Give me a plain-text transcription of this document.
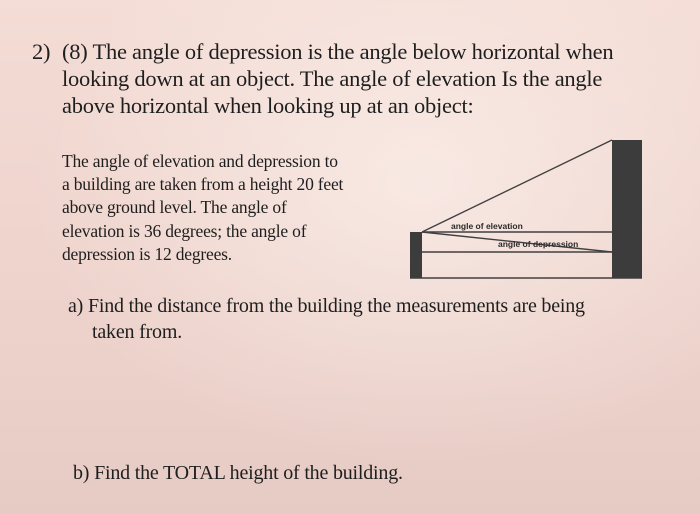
2) (8) The angle of depression is the angle below horizontal when
looking down at an object. The angle of elevation Is the angle
above horizontal when looking up at an object:
The angle of elevation and depression to
a building are taken from a height 20 feet
above ground level. The angle of
elevation is 36 degrees; the angle of
depression is 12 degrees.
angle of elevation
angle of depression
a) Find the distance from the building the measurements are being
taken from.
b) Find the TOTAL height of the building.
